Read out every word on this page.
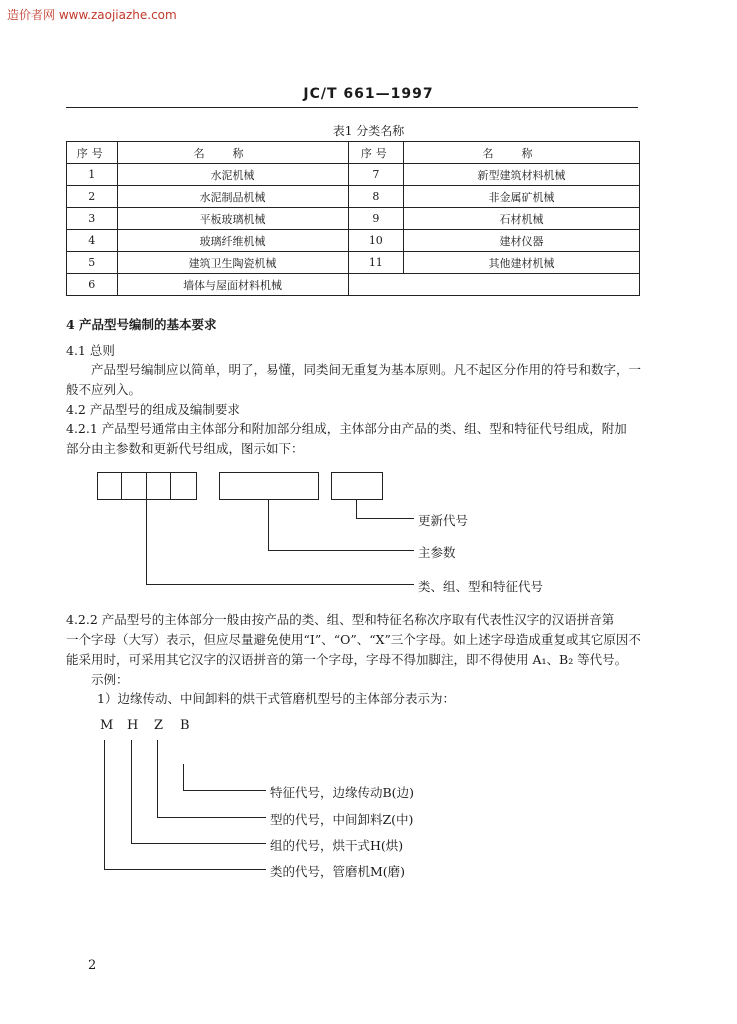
造价者网 www.zaojiazhe.com
JC/T 661—1997
表1 分类名称
序号	名称	序号	名称
1	水泥机械	7	新型建筑材料机械
2	水泥制品机械	8	非金属矿机械
3	平板玻璃机械	9	石材机械
4	玻璃纤维机械	10	建材仪器
5	建筑卫生陶瓷机械	11	其他建材机械
6	墙体与屋面材料机械		
4 产品型号编制的基本要求
4.1 总则
产品型号编制应以简单，明了，易懂，同类间无重复为基本原则。凡不起区分作用的符号和数字，一
般不应列入。
4.2 产品型号的组成及编制要求
4.2.1 产品型号通常由主体部分和附加部分组成，主体部分由产品的类、组、型和特征代号组成，附加
部分由主参数和更新代号组成，图示如下：
更新代号
主参数
类、组、型和特征代号
4.2.2 产品型号的主体部分一般由按产品的类、组、型和特征名称次序取有代表性汉字的汉语拼音第
一个字母（大写）表示，但应尽量避免使用“I”、“O”、“X”三个字母。如上述字母造成重复或其它原因不
能采用时，可采用其它汉字的汉语拼音的第一个字母，字母不得加脚注，即不得使用 A₁、B₂ 等代号。
示例：
1）边缘传动、中间卸料的烘干式管磨机型号的主体部分表示为：
M H Z B
特征代号，边缘传动B(边)
型的代号，中间卸料Z(中)
组的代号，烘干式H(烘)
类的代号，管磨机M(磨)
2
